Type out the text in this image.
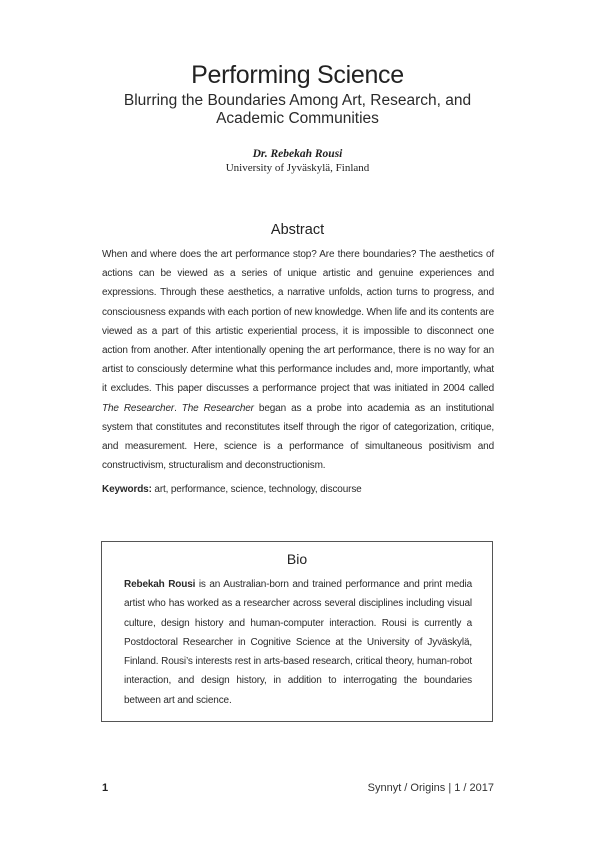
Performing Science
Blurring the Boundaries Among Art, Research, and Academic Communities
Dr. Rebekah Rousi
University of Jyväskylä, Finland
Abstract
When and where does the art performance stop? Are there boundaries? The aesthetics of actions can be viewed as a series of unique artistic and genuine experiences and expressions. Through these aesthetics, a narrative unfolds, action turns to progress, and consciousness expands with each portion of new knowledge. When life and its contents are viewed as a part of this artistic experiential process, it is impossible to disconnect one action from another. After intentionally opening the art performance, there is no way for an artist to consciously determine what this performance includes and, more importantly, what it excludes. This paper discusses a performance project that was initiated in 2004 called The Researcher. The Researcher began as a probe into academia as an institutional system that constitutes and reconstitutes itself through the rigor of categorization, critique, and measurement. Here, science is a performance of simultaneous positivism and constructivism, structuralism and deconstructionism.
Keywords: art, performance, science, technology, discourse
Bio
Rebekah Rousi is an Australian-born and trained performance and print media artist who has worked as a researcher across several disciplines including visual culture, design history and human-computer interaction. Rousi is currently a Postdoctoral Researcher in Cognitive Science at the University of Jyväskylä, Finland. Rousi’s interests rest in arts-based research, critical theory, human-robot interaction, and design history, in addition to interrogating the boundaries between art and science.
1	Synnyt / Origins | 1 / 2017
